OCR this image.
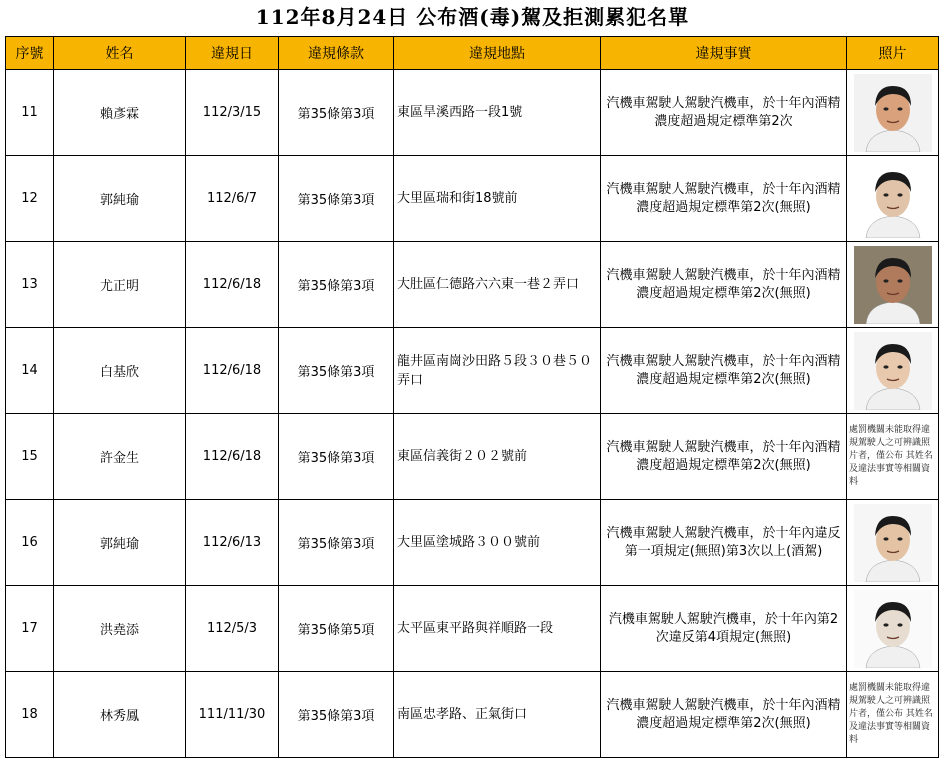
112年8月24日 公布酒(毒)駕及拒測累犯名單
序號	姓名	違規日	違規條款	違規地點	違規事實	照片
11	賴彥霖	112/3/15	第35條第3項	東區旱溪西路一段1號	汽機車駕駛人駕駛汽機車，於十年內酒精濃度超過規定標準第2次	

12	郭純瑜	112/6/7	第35條第3項	大里區瑞和街18號前	汽機車駕駛人駕駛汽機車，於十年內酒精濃度超過規定標準第2次(無照)	

13	尤正明	112/6/18	第35條第3項	大肚區仁德路六六東一巷２弄口	汽機車駕駛人駕駛汽機車，於十年內酒精濃度超過規定標準第2次(無照)	

14	白基欣	112/6/18	第35條第3項	龍井區南崗沙田路５段３０巷５０弄口	汽機車駕駛人駕駛汽機車，於十年內酒精濃度超過規定標準第2次(無照)	

15	許金生	112/6/18	第35條第3項	東區信義街２０２號前	汽機車駕駛人駕駛汽機車，於十年內酒精濃度超過規定標準第2次(無照)	處罰機關未能取得違規駕駛人之可辨識照片者，僅公布 其姓名及違法事實等相關資料

16	郭純瑜	112/6/13	第35條第3項	大里區塗城路３００號前	汽機車駕駛人駕駛汽機車，於十年內違反第一項規定(無照)第3次以上(酒駕)	

17	洪堯添	112/5/3	第35條第5項	太平區東平路與祥順路一段	汽機車駕駛人駕駛汽機車，於十年內第2次違反第4項規定(無照)	

18	林秀鳳	111/11/30	第35條第3項	南區忠孝路、正氣街口	汽機車駕駛人駕駛汽機車，於十年內酒精濃度超過規定標準第2次(無照)	處罰機關未能取得違規駕駛人之可辨識照片者，僅公布 其姓名及違法事實等相關資料
